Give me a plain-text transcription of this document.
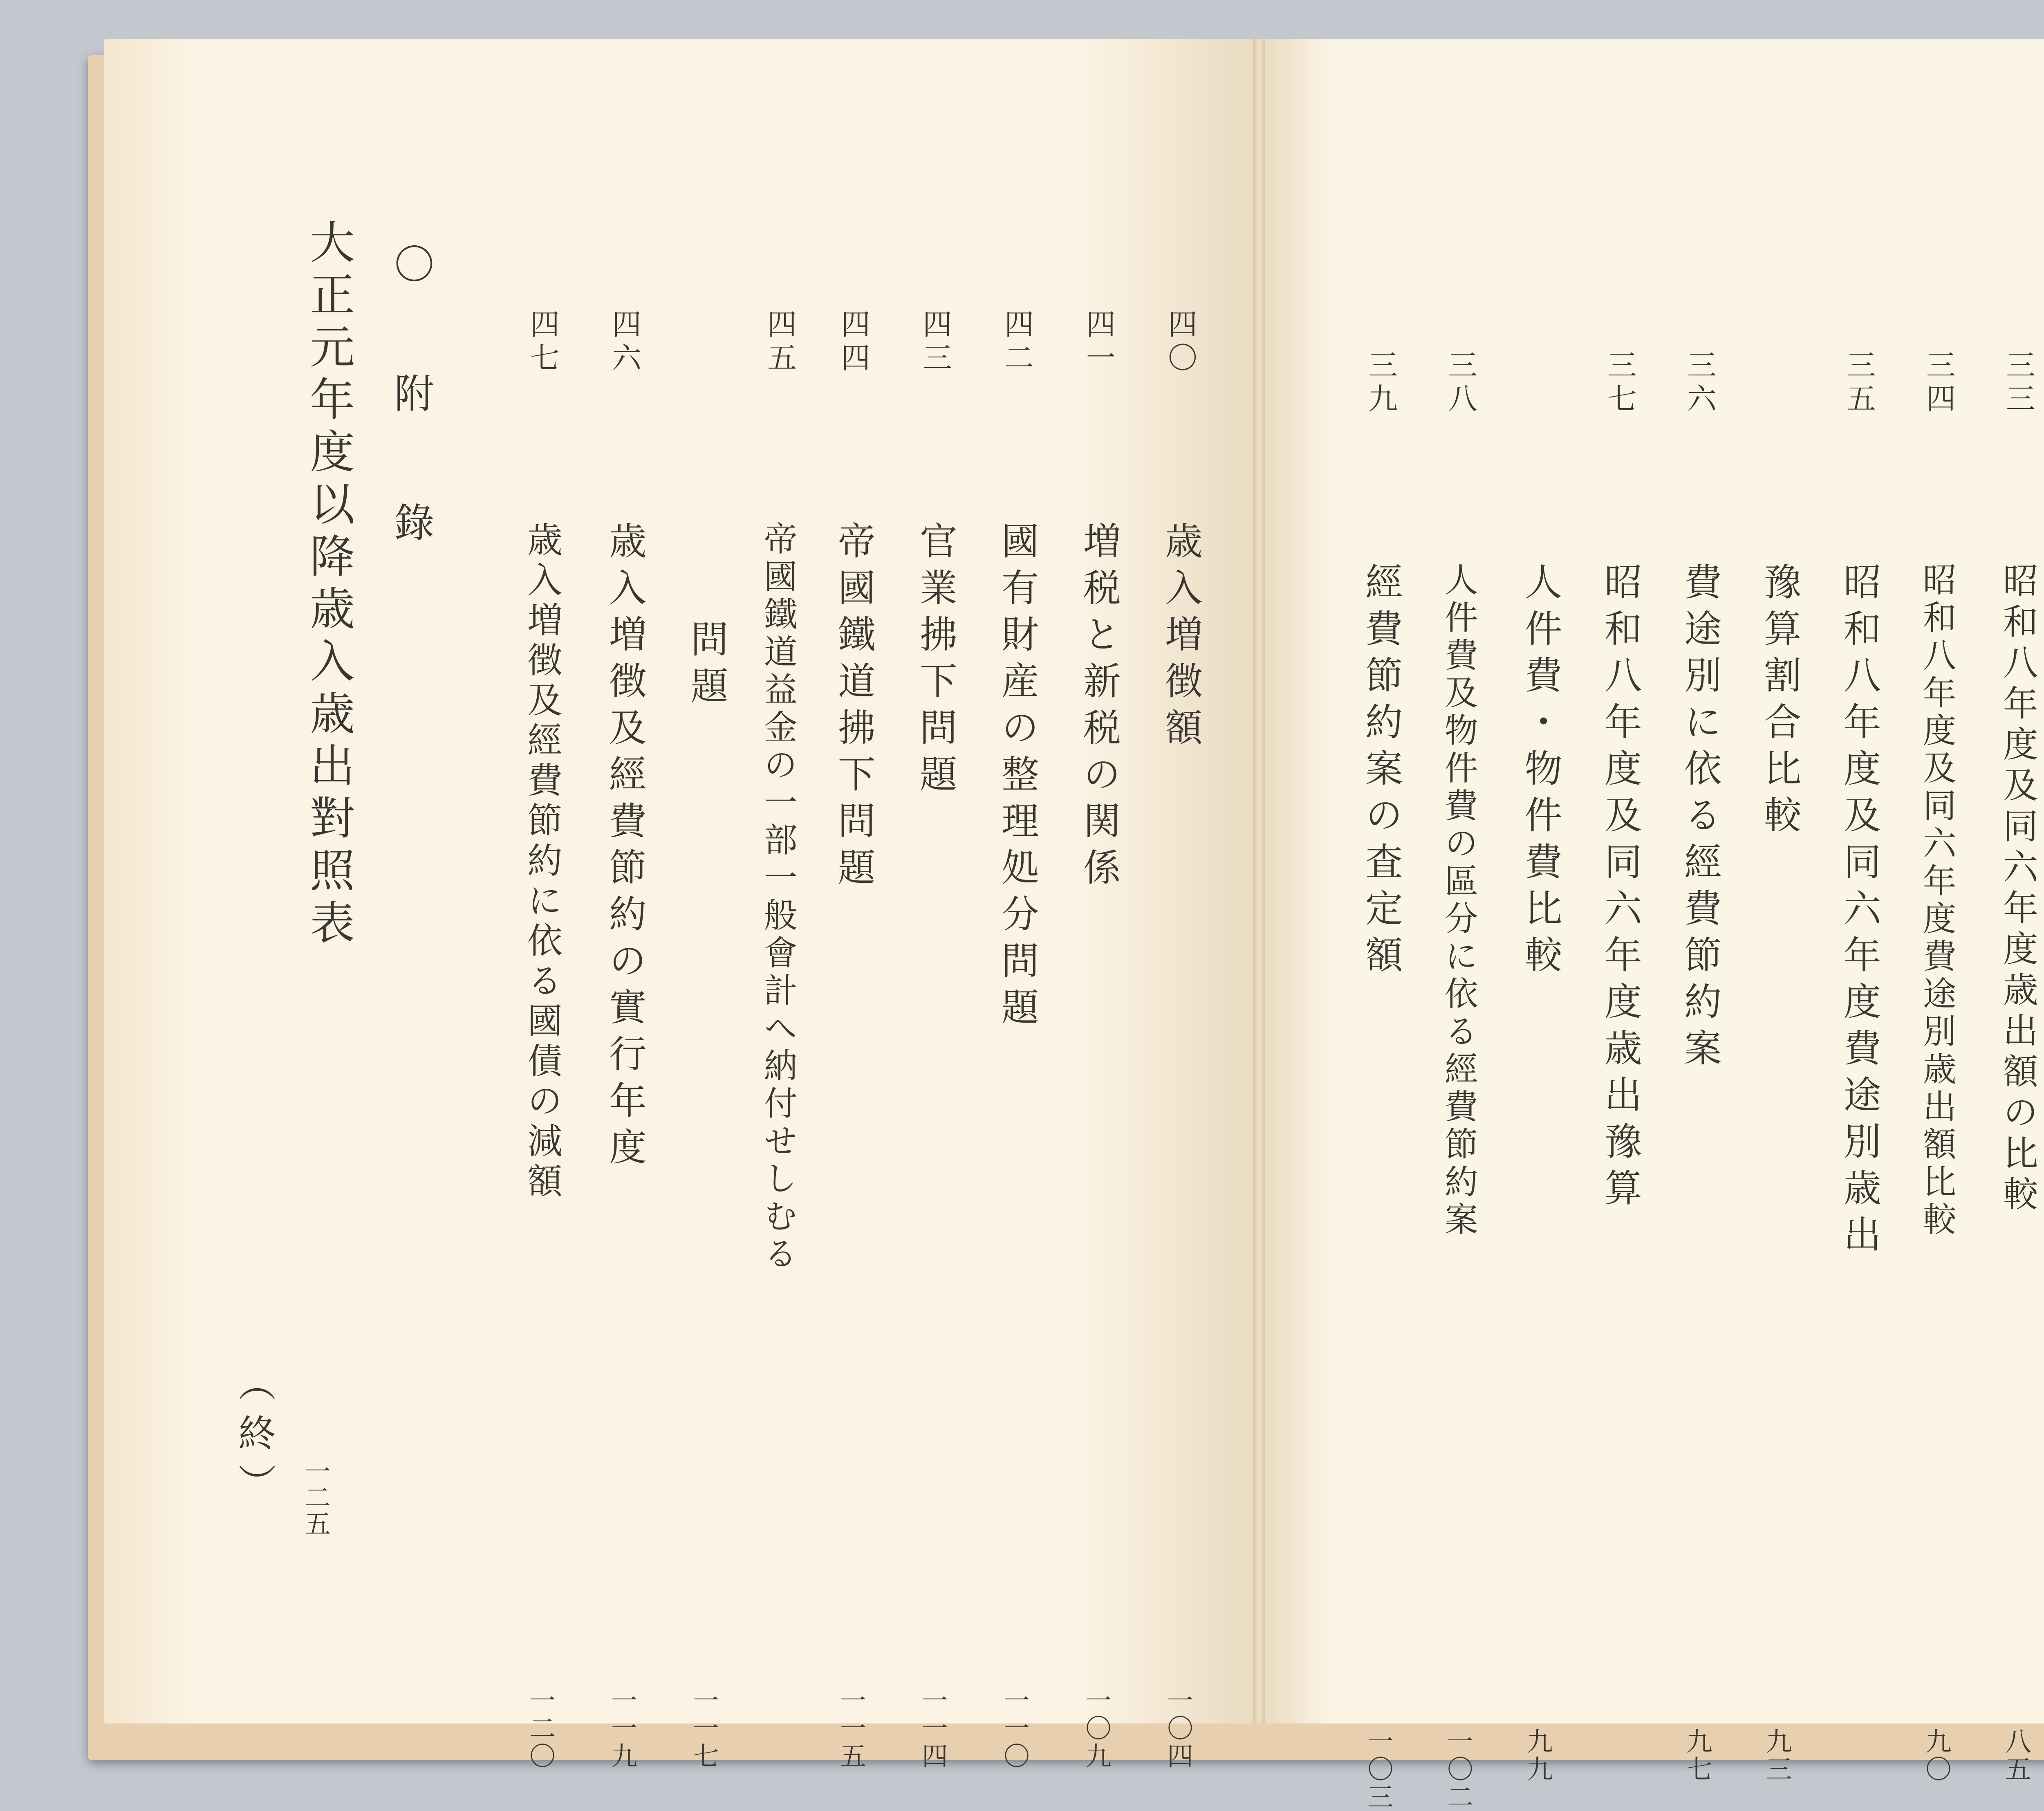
四〇
歳入増徴額
一〇四
四一
増税と新税の関係
一〇九
四二
國有財産の整理処分問題
一一〇
四三
官業拂下問題
一一四
四四
帝國鐵道拂下問題
一一五
四五
帝國鐵道益金の一部一般會計へ納付せしむる
問題
一一七
四六
歳入増徴及經費節約の實行年度
一一九
四七
歳入増徴及經費節約に依る國債の減額
一二〇
〇　附　錄
大正元年度以降歳入歳出對照表
一二五
（終）
三三
昭和八年度及同六年度歳出額の比較
八五
三四
昭和八年度及同六年度費途別歳出額比較
九〇
三五
昭和八年度及同六年度費途別歳出
豫算割合比較
九三
三六
費途別に依る經費節約案
九七
三七
昭和八年度及同六年度歳出豫算
人件費・物件費比較
九九
三八
人件費及物件費の區分に依る經費節約案
一〇二
三九
經費節約案の査定額
一〇三
